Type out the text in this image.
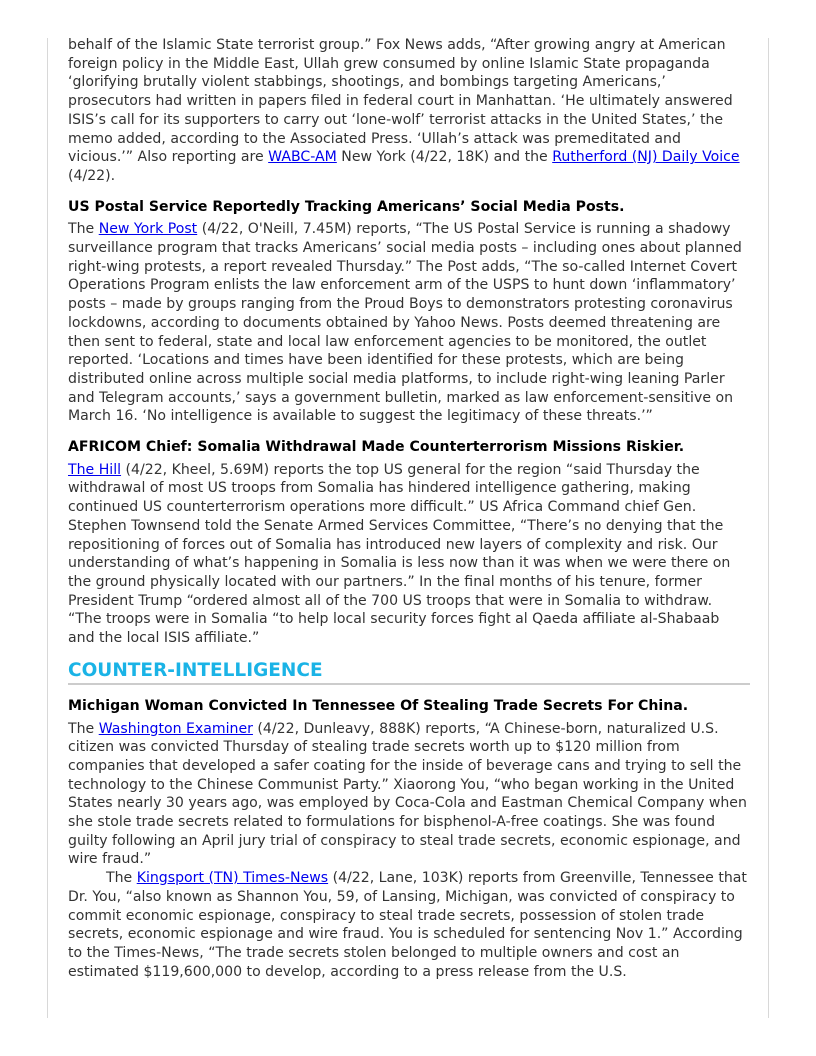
behalf of the Islamic State terrorist group.” Fox News adds, “After growing angry at American foreign policy in the Middle East, Ullah grew consumed by online Islamic State propaganda ‘glorifying brutally violent stabbings, shootings, and bombings targeting Americans,’ prosecutors had written in papers filed in federal court in Manhattan. ‘He ultimately answered ISIS’s call for its supporters to carry out ‘lone-wolf’ terrorist attacks in the United States,’ the memo added, according to the Associated Press. ‘Ullah’s attack was premeditated and vicious.’” Also reporting are WABC-AM New York (4/22, 18K) and the Rutherford (NJ) Daily Voice (4/22).

US Postal Service Reportedly Tracking Americans’ Social Media Posts.

The New York Post (4/22, O'Neill, 7.45M) reports, “The US Postal Service is running a shadowy surveillance program that tracks Americans’ social media posts – including ones about planned right-wing protests, a report revealed Thursday.” The Post adds, “The so-called Internet Covert Operations Program enlists the law enforcement arm of the USPS to hunt down ‘inflammatory’ posts – made by groups ranging from the Proud Boys to demonstrators protesting coronavirus lockdowns, according to documents obtained by Yahoo News. Posts deemed threatening are then sent to federal, state and local law enforcement agencies to be monitored, the outlet reported. ‘Locations and times have been identified for these protests, which are being distributed online across multiple social media platforms, to include right-wing leaning Parler and Telegram accounts,’ says a government bulletin, marked as law enforcement-sensitive on March 16. ‘No intelligence is available to suggest the legitimacy of these threats.’”

AFRICOM Chief: Somalia Withdrawal Made Counterterrorism Missions Riskier.

The Hill (4/22, Kheel, 5.69M) reports the top US general for the region “said Thursday the withdrawal of most US troops from Somalia has hindered intelligence gathering, making continued US counterterrorism operations more difficult.” US Africa Command chief Gen. Stephen Townsend told the Senate Armed Services Committee, “There’s no denying that the repositioning of forces out of Somalia has introduced new layers of complexity and risk. Our understanding of what’s happening in Somalia is less now than it was when we were there on the ground physically located with our partners.” In the final months of his tenure, former President Trump “ordered almost all of the 700 US troops that were in Somalia to withdraw. “The troops were in Somalia “to help local security forces fight al Qaeda affiliate al-Shabaab and the local ISIS affiliate.”

COUNTER-INTELLIGENCE
Michigan Woman Convicted In Tennessee Of Stealing Trade Secrets For China.

The Washington Examiner (4/22, Dunleavy, 888K) reports, “A Chinese-born, naturalized U.S. citizen was convicted Thursday of stealing trade secrets worth up to $120 million from companies that developed a safer coating for the inside of beverage cans and trying to sell the technology to the Chinese Communist Party.” Xiaorong You, “who began working in the United States nearly 30 years ago, was employed by Coca-Cola and Eastman Chemical Company when she stole trade secrets related to formulations for bisphenol-A-free coatings. She was found guilty following an April jury trial of conspiracy to steal trade secrets, economic espionage, and wire fraud.”

The Kingsport (TN) Times-News (4/22, Lane, 103K) reports from Greenville, Tennessee that Dr. You, “also known as Shannon You, 59, of Lansing, Michigan, was convicted of conspiracy to commit economic espionage, conspiracy to steal trade secrets, possession of stolen trade secrets, economic espionage and wire fraud. You is scheduled for sentencing Nov 1.” According to the Times-News, “The trade secrets stolen belonged to multiple owners and cost an estimated $119,600,000 to develop, according to a press release from the U.S.
